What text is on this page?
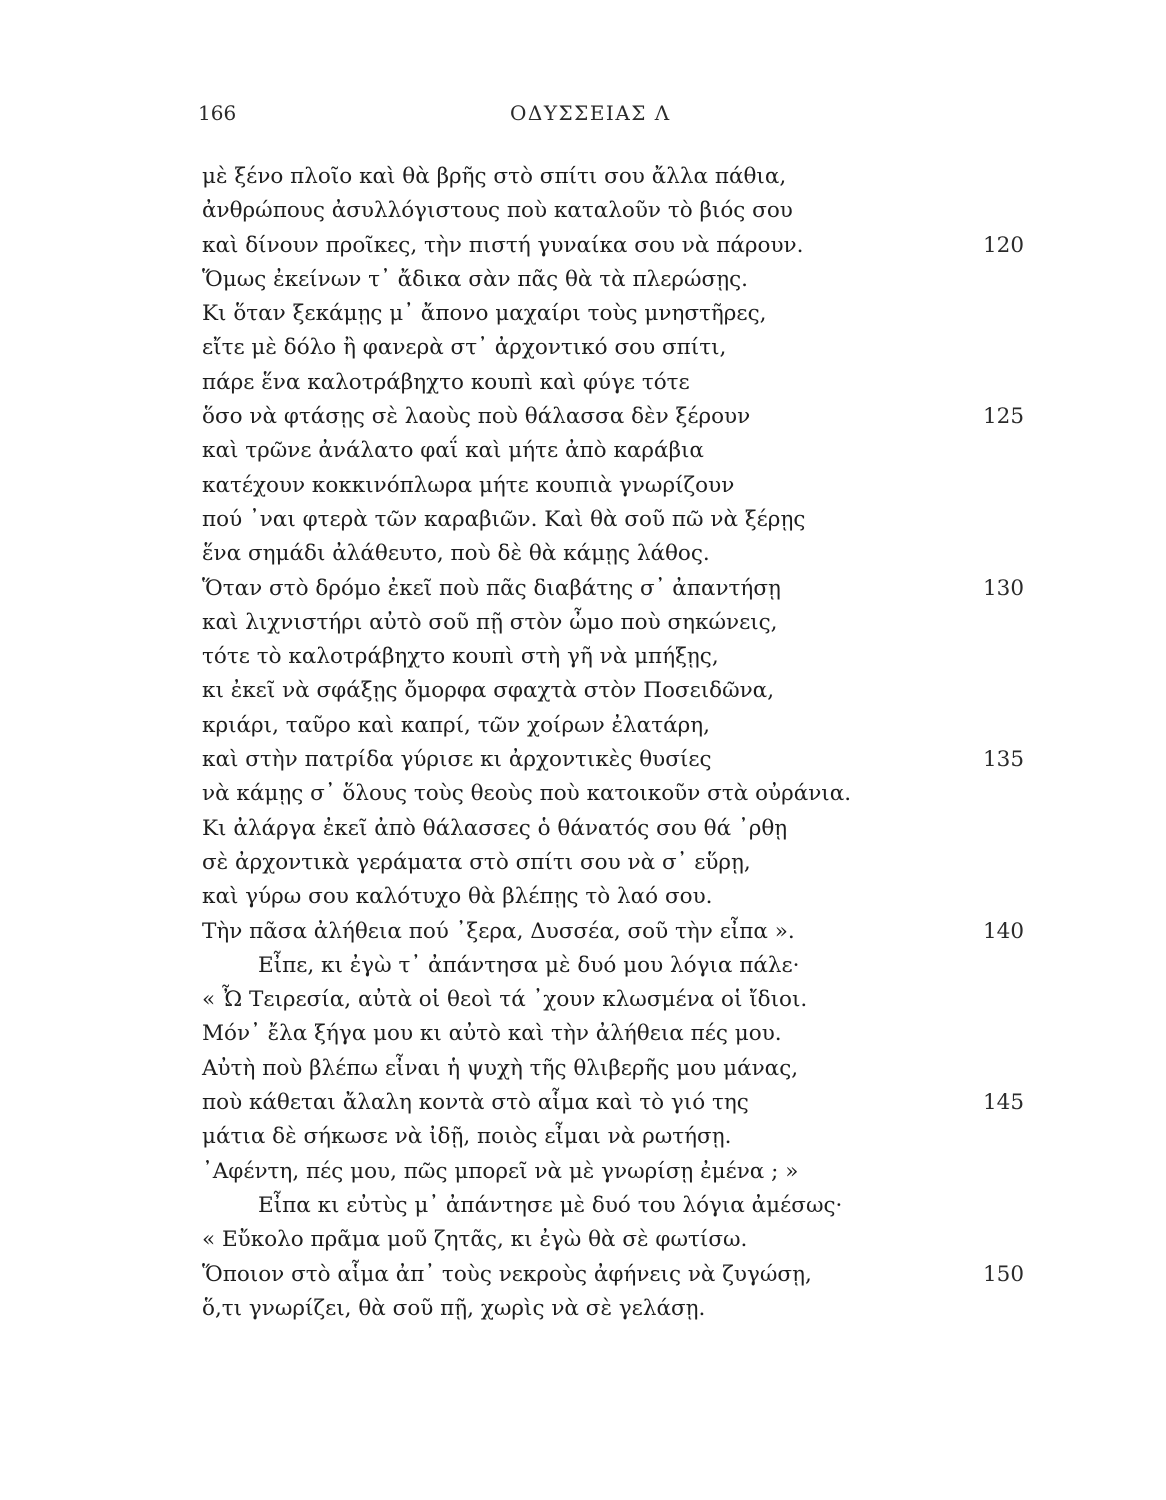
166	ΟΔΥΣΣΕΙΑΣ Λ
μὲ ξένο πλοῖο καὶ θὰ βρῆς στὸ σπίτι σου ἄλλα πάθια,
ἀνθρώπους ἀσυλλόγιστους ποὺ καταλοῦν τὸ βιός σου
καὶ δίνουν προῖκες, τὴν πιστή γυναίκα σου νὰ πάρουν.	120
Ὅμως ἐκείνων τ᾽ ἄδικα σὰν πᾶς θὰ τὰ πλερώσῃς.
Κι ὅταν ξεκάμῃς μ᾽ ἄπονο μαχαίρι τοὺς μνηστῆρες,
εἴτε μὲ δόλο ἢ φανερὰ στ᾽ ἀρχοντικό σου σπίτι,
πάρε ἕνα καλοτράβηχτο κουπὶ καὶ φύγε τότε
ὅσο νὰ φτάσῃς σὲ λαοὺς ποὺ θάλασσα δὲν ξέρουν	125
καὶ τρῶνε ἀνάλατο φαΐ καὶ μήτε ἀπὸ καράβια
κατέχουν κοκκινόπλωρα μήτε κουπιὰ γνωρίζουν
πού ᾽ναι φτερὰ τῶν καραβιῶν. Καὶ θὰ σοῦ πῶ νὰ ξέρῃς
ἕνα σημάδι ἀλάθευτο, ποὺ δὲ θὰ κάμῃς λάθος.
Ὅταν στὸ δρόμο ἐκεῖ ποὺ πᾶς διαβάτης σ᾽ ἀπαντήσῃ	130
καὶ λιχνιστήρι αὐτὸ σοῦ πῇ στὸν ὦμο ποὺ σηκώνεις,
τότε τὸ καλοτράβηχτο κουπὶ στὴ γῆ νὰ μπήξῃς,
κι ἐκεῖ νὰ σφάξῃς ὄμορφα σφαχτὰ στὸν Ποσειδῶνα,
κριάρι, ταῦρο καὶ καπρί, τῶν χοίρων ἐλατάρη,
καὶ στὴν πατρίδα γύρισε κι ἀρχοντικὲς θυσίες	135
νὰ κάμῃς σ᾽ ὅλους τοὺς θεοὺς ποὺ κατοικοῦν στὰ οὐράνια.
Κι ἀλάργα ἐκεῖ ἀπὸ θάλασσες ὁ θάνατός σου θά ᾽ρθῃ
σὲ ἀρχοντικὰ γεράματα στὸ σπίτι σου νὰ σ᾽ εὕρῃ,
καὶ γύρω σου καλότυχο θὰ βλέπῃς τὸ λαό σου.
Τὴν πᾶσα ἀλήθεια πού ᾽ξερα, Δυσσέα, σοῦ τὴν εἶπα ».	140
Εἶπε, κι ἐγὼ τ᾽ ἀπάντησα μὲ δυό μου λόγια πάλε·
« Ὦ Τειρεσία, αὐτὰ οἱ θεοὶ τά ᾽χουν κλωσμένα οἱ ἴδιοι.
Μόν᾽ ἔλα ξήγα μου κι αὐτὸ καὶ τὴν ἀλήθεια πές μου.
Αὐτὴ ποὺ βλέπω εἶναι ἡ ψυχὴ τῆς θλιβερῆς μου μάνας,
ποὺ κάθεται ἄλαλη κοντὰ στὸ αἷμα καὶ τὸ γιό της	145
μάτια δὲ σήκωσε νὰ ἰδῇ, ποιὸς εἶμαι νὰ ρωτήσῃ.
᾽Αφέντη, πές μου, πῶς μπορεῖ νὰ μὲ γνωρίσῃ ἐμένα ; »
Εἶπα κι εὐτὺς μ᾽ ἀπάντησε μὲ δυό του λόγια ἀμέσως·
« Εὔκολο πρᾶμα μοῦ ζητᾶς, κι ἐγὼ θὰ σὲ φωτίσω.
Ὅποιον στὸ αἷμα ἀπ᾽ τοὺς νεκροὺς ἀφήνεις νὰ ζυγώσῃ,	150
ὅ,τι γνωρίζει, θὰ σοῦ πῇ, χωρὶς νὰ σὲ γελάσῃ.
